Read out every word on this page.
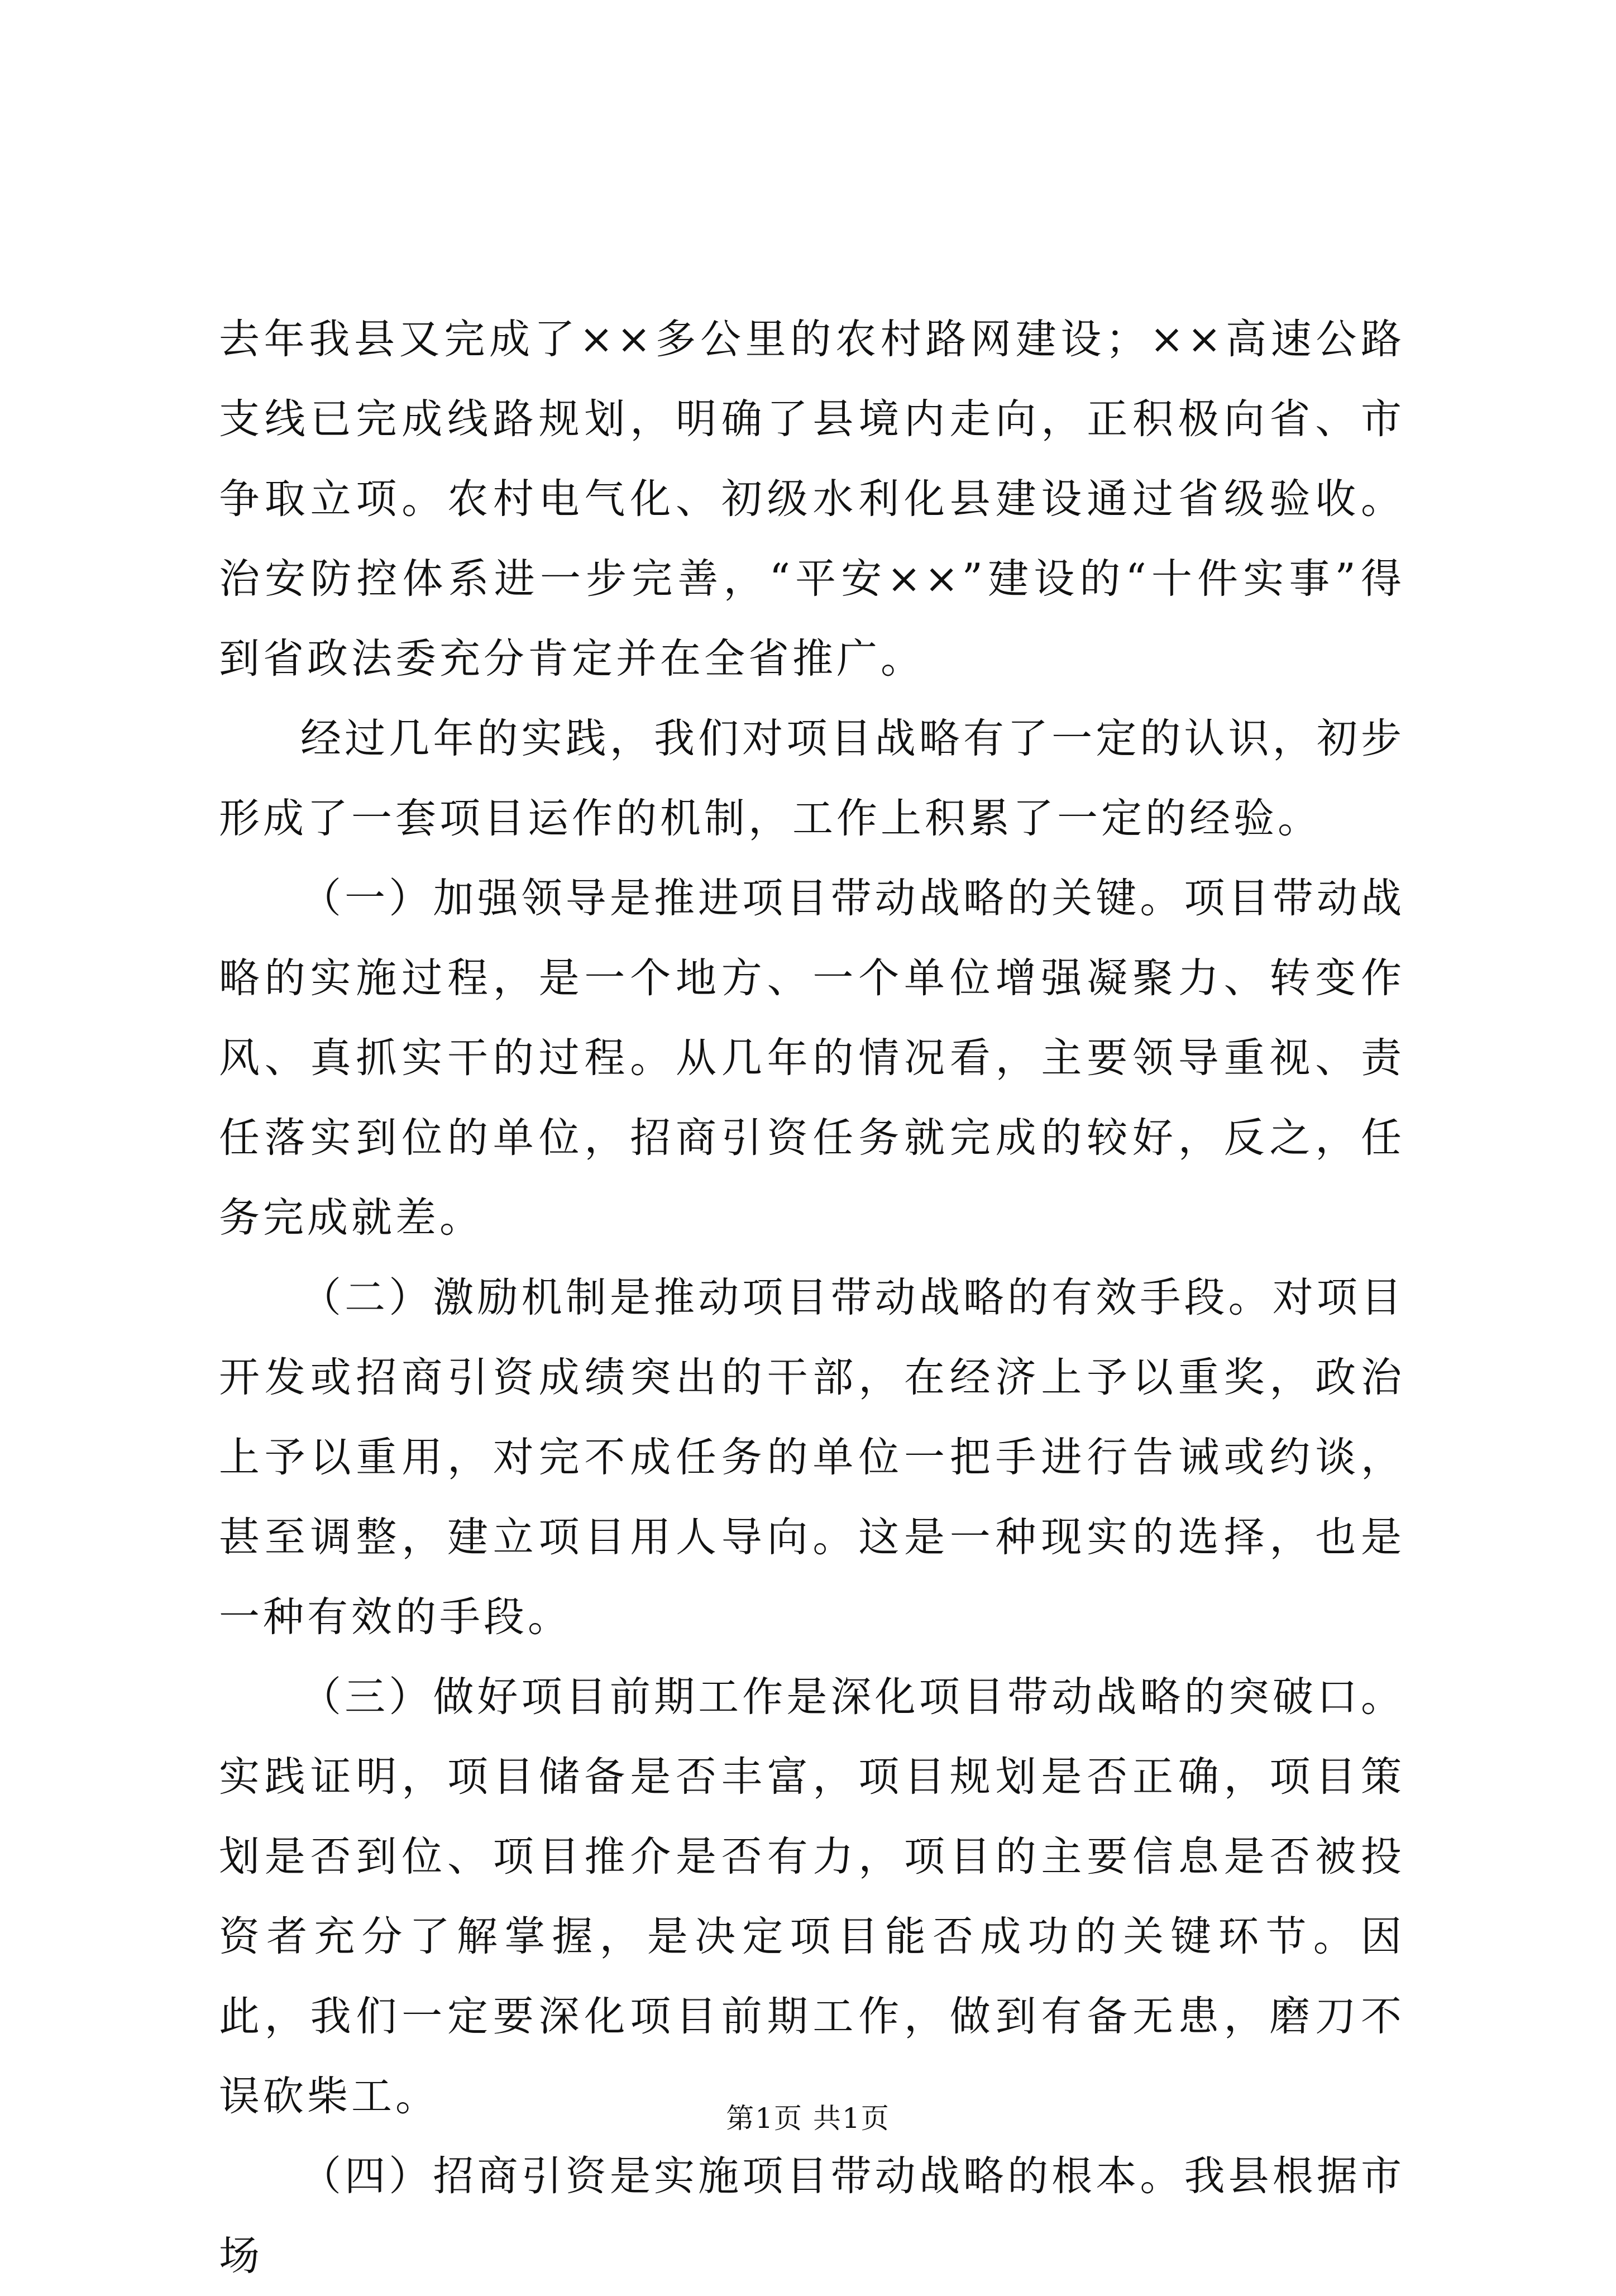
去年我县又完成了××多公里的农村路网建设；××高速公路支线已完成线路规划，明确了县境内走向，正积极向省、市争取立项。农村电气化、初级水利化县建设通过省级验收。治安防控体系进一步完善，“平安××”建设的“十件实事”得到省政法委充分肯定并在全省推广。

经过几年的实践，我们对项目战略有了一定的认识，初步形成了一套项目运作的机制，工作上积累了一定的经验。

（一）加强领导是推进项目带动战略的关键。项目带动战略的实施过程，是一个地方、一个单位增强凝聚力、转变作风、真抓实干的过程。从几年的情况看，主要领导重视、责任落实到位的单位，招商引资任务就完成的较好，反之，任务完成就差。

（二）激励机制是推动项目带动战略的有效手段。对项目开发或招商引资成绩突出的干部，在经济上予以重奖，政治上予以重用，对完不成任务的单位一把手进行告诫或约谈，甚至调整，建立项目用人导向。这是一种现实的选择，也是一种有效的手段。

（三）做好项目前期工作是深化项目带动战略的突破口。实践证明，项目储备是否丰富，项目规划是否正确，项目策划是否到位、项目推介是否有力，项目的主要信息是否被投资者充分了解掌握，是决定项目能否成功的关键环节。因此，我们一定要深化项目前期工作，做到有备无患，磨刀不误砍柴工。

（四）招商引资是实施项目带动战略的根本。我县根据市场

第1页 共1页
